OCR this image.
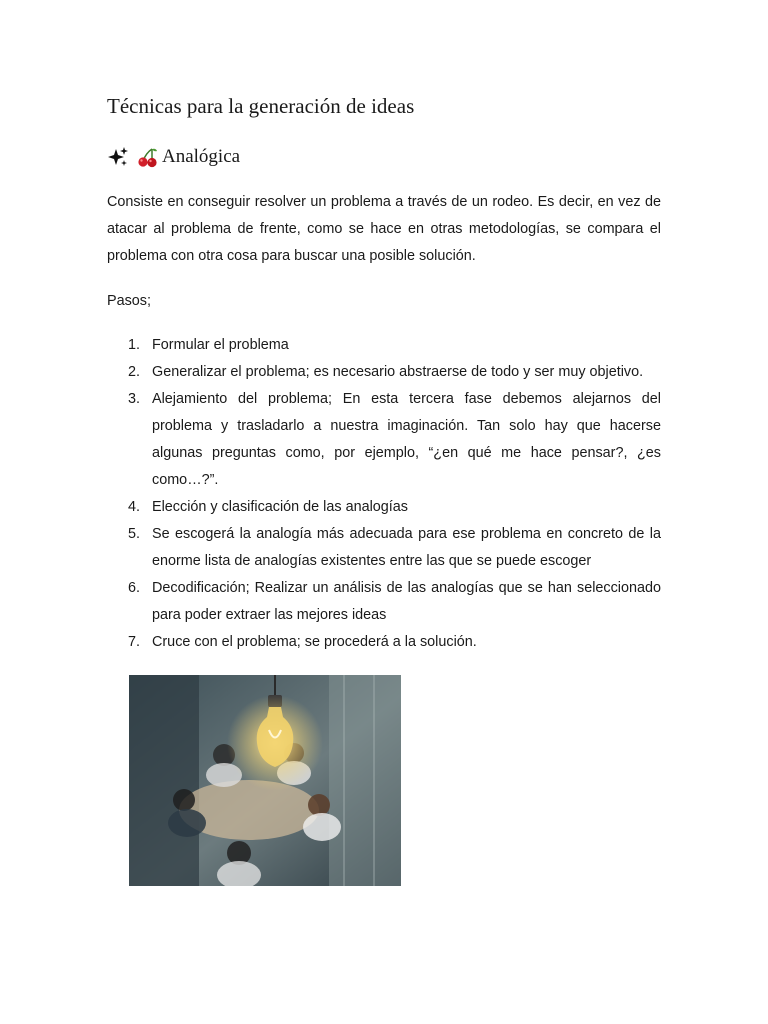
Técnicas para la generación de ideas
Analógica

Consiste en conseguir resolver un problema a través de un rodeo. Es decir, en vez de atacar al problema de frente, como se hace en otras metodologías, se compara el problema con otra cosa para buscar una posible solución.

Pasos;

1. Formular el problema
2. Generalizar el problema; es necesario abstraerse de todo y ser muy objetivo.
3. Alejamiento del problema; En esta tercera fase debemos alejarnos del problema y trasladarlo a nuestra imaginación. Tan solo hay que hacerse algunas preguntas como, por ejemplo, “¿en qué me hace pensar?, ¿es como…?”.
4. Elección y clasificación de las analogías
5. Se escogerá la analogía más adecuada para ese problema en concreto de la enorme lista de analogías existentes entre las que se puede escoger
6. Decodificación; Realizar un análisis de las analogías que se han seleccionado para poder extraer las mejores ideas
7. Cruce con el problema; se procederá a la solución.
